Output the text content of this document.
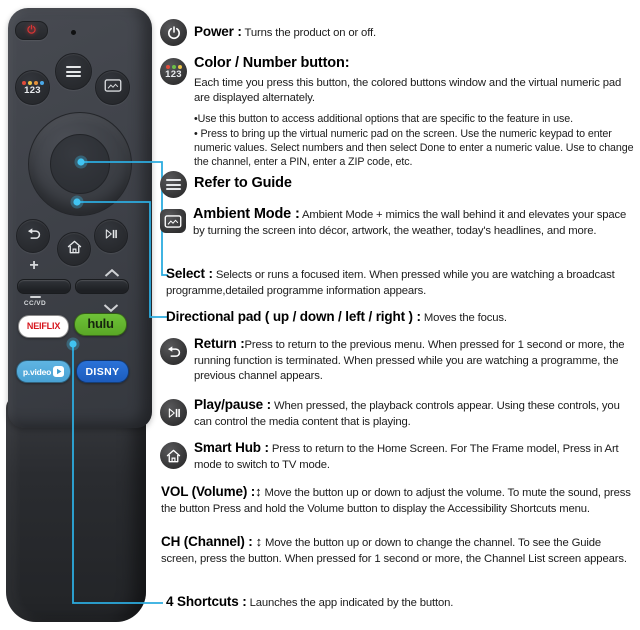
123
+
CC/VD
NEIFLIX hulu
p.video	DISNY

Power : Turns the product on or off.

123

Color / Number button:

Each time you press this button, the colored buttons window and the virtual numeric pad are displayed alternately.

•Use this button to access additional options that are specific to the feature in use.

• Press to bring up the virtual numeric pad on the screen. Use the numeric keypad to enter numeric values. Select numbers and then select Done to enter a numeric value. Use to change the channel, enter a PIN, enter a ZIP code, etc.

Refer to Guide

Ambient Mode : Ambient Mode + mimics the wall behind it and elevates your space by turning the screen into décor, artwork, the weather, today's headlines, and more.

Select : Selects or runs a focused item. When pressed while you are watching a broadcast programme,detailed programme information appears.

Directional pad ( up / down / left / right ) : Moves the focus.

Return :Press to return to the previous menu. When pressed for 1 second or more, the running function is terminated. When pressed while you are watching a programme, the previous channel appears.

Play/pause : When pressed, the playback controls appear. Using these controls, you can control the media content that is playing.

Smart Hub : Press to return to the Home Screen. For The Frame model, Press in Art mode to switch to TV mode.

VOL (Volume) :↕ Move the button up or down to adjust the volume. To mute the sound, press the button Press and hold the Volume button to display the Accessibility Shortcuts menu.

CH (Channel) : ↕ Move the button up or down to change the channel. To see the Guide screen, press the button. When pressed for 1 second or more, the Channel List screen appears.

4 Shortcuts : Launches the app indicated by the button.
